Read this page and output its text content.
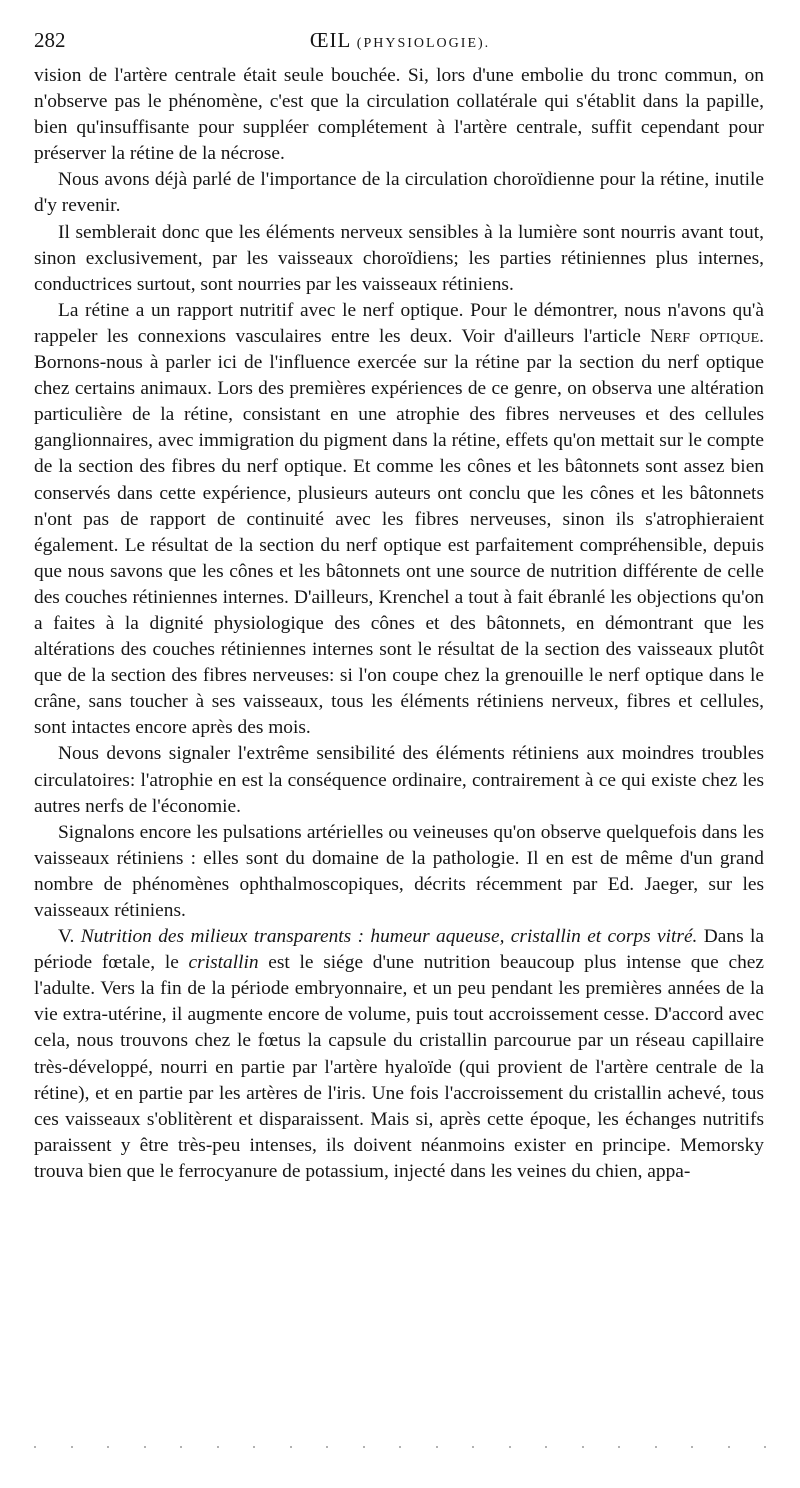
282	ŒIL (PHYSIOLOGIE).

vision de l'artère centrale était seule bouchée. Si, lors d'une embolie du tronc commun, on n'observe pas le phénomène, c'est que la circulation collatérale qui s'établit dans la papille, bien qu'insuffisante pour suppléer complétement à l'artère centrale, suffit cependant pour préserver la rétine de la nécrose.

Nous avons déjà parlé de l'importance de la circulation choroïdienne pour la rétine, inutile d'y revenir.

Il semblerait donc que les éléments nerveux sensibles à la lumière sont nourris avant tout, sinon exclusivement, par les vaisseaux choroïdiens; les parties rétiniennes plus internes, conductrices surtout, sont nourries par les vaisseaux rétiniens.

La rétine a un rapport nutritif avec le nerf optique. Pour le démontrer, nous n'avons qu'à rappeler les connexions vasculaires entre les deux. Voir d'ailleurs l'article Nerf optique. Bornons-nous à parler ici de l'influence exercée sur la rétine par la section du nerf optique chez certains animaux. Lors des premières expériences de ce genre, on observa une altération particulière de la rétine, consistant en une atrophie des fibres nerveuses et des cellules ganglionnaires, avec immigration du pigment dans la rétine, effets qu'on mettait sur le compte de la section des fibres du nerf optique. Et comme les cônes et les bâtonnets sont assez bien conservés dans cette expérience, plusieurs auteurs ont conclu que les cônes et les bâtonnets n'ont pas de rapport de continuité avec les fibres nerveuses, sinon ils s'atrophieraient également. Le résultat de la section du nerf optique est parfaitement compréhensible, depuis que nous savons que les cônes et les bâtonnets ont une source de nutrition différente de celle des couches rétiniennes internes. D'ailleurs, Krenchel a tout à fait ébranlé les objections qu'on a faites à la dignité physiologique des cônes et des bâtonnets, en démontrant que les altérations des couches rétiniennes internes sont le résultat de la section des vaisseaux plutôt que de la section des fibres nerveuses: si l'on coupe chez la grenouille le nerf optique dans le crâne, sans toucher à ses vaisseaux, tous les éléments rétiniens nerveux, fibres et cellules, sont intactes encore après des mois.

Nous devons signaler l'extrême sensibilité des éléments rétiniens aux moindres troubles circulatoires: l'atrophie en est la conséquence ordinaire, contrairement à ce qui existe chez les autres nerfs de l'économie.

Signalons encore les pulsations artérielles ou veineuses qu'on observe quelquefois dans les vaisseaux rétiniens : elles sont du domaine de la pathologie. Il en est de même d'un grand nombre de phénomènes ophthalmoscopiques, décrits récemment par Ed. Jaeger, sur les vaisseaux rétiniens.

V. Nutrition des milieux transparents : humeur aqueuse, cristallin et corps vitré. Dans la période fœtale, le cristallin est le siége d'une nutrition beaucoup plus intense que chez l'adulte. Vers la fin de la période embryonnaire, et un peu pendant les premières années de la vie extra-utérine, il augmente encore de volume, puis tout accroissement cesse. D'accord avec cela, nous trouvons chez le fœtus la capsule du cristallin parcourue par un réseau capillaire très-développé, nourri en partie par l'artère hyaloïde (qui provient de l'artère centrale de la rétine), et en partie par les artères de l'iris. Une fois l'accroissement du cristallin achevé, tous ces vaisseaux s'oblitèrent et disparaissent. Mais si, après cette époque, les échanges nutritifs paraissent y être très-peu intenses, ils doivent néanmoins exister en principe. Memorsky trouva bien que le ferrocyanure de potassium, injecté dans les veines du chien, appa-
